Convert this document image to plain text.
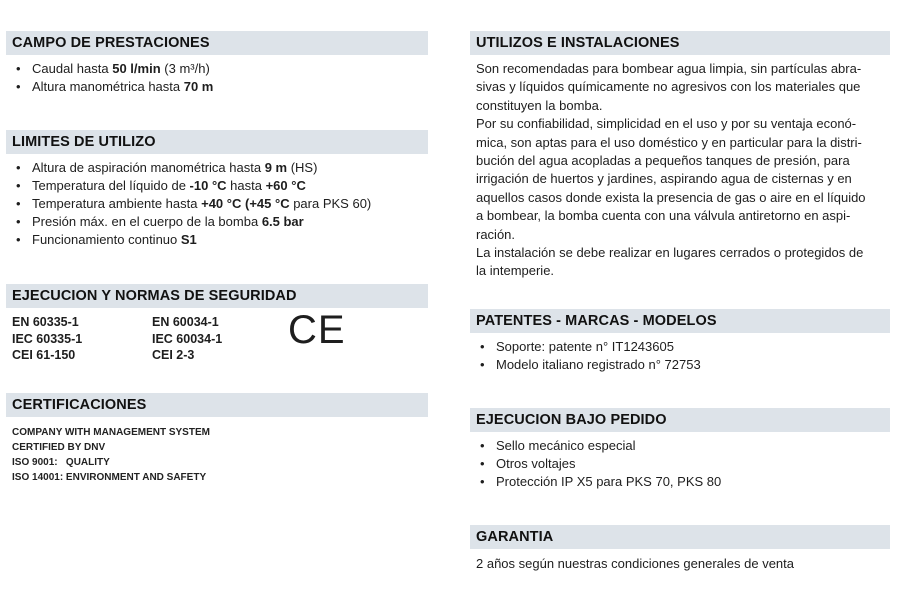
CAMPO DE PRESTACIONES
• Caudal hasta 50 l/min (3 m³/h)
• Altura manométrica hasta 70 m
LIMITES DE UTILIZO
• Altura de aspiración manométrica hasta 9 m (HS)
• Temperatura del líquido de -10 °C hasta +60 °C
• Temperatura ambiente hasta +40 °C (+45 °C para PKS 60)
• Presión máx. en el cuerpo de la bomba 6.5 bar
• Funcionamiento continuo S1
EJECUCION Y NORMAS DE SEGURIDAD
EN 60335-1
IEC 60335-1
CEI 61-150
EN 60034-1
IEC 60034-1
CEI 2-3
CE
CERTIFICACIONES
COMPANY WITH MANAGEMENT SYSTEM
CERTIFIED BY DNV
ISO 9001:   QUALITY
ISO 14001: ENVIRONMENT AND SAFETY
UTILIZOS E INSTALACIONES
Son recomendadas para bombear agua limpia, sin partículas abra-
sivas y líquidos químicamente no agresivos con los materiales que
constituyen la bomba.
Por su confiabilidad, simplicidad en el uso y por su ventaja econó-
mica, son aptas para el uso doméstico y en particular para la distri-
bución del agua acopladas a pequeños tanques de presión, para
irrigación de huertos y jardines, aspirando agua de cisternas y en
aquellos casos donde exista la presencia de gas o aire en el líquido
a bombear, la bomba cuenta con una válvula antiretorno en aspi-
ración.
La instalación se debe realizar en lugares cerrados o protegidos de
la intemperie.
PATENTES - MARCAS - MODELOS
• Soporte: patente n° IT1243605
• Modelo italiano registrado n° 72753
EJECUCION BAJO PEDIDO
• Sello mecánico especial
• Otros voltajes
• Protección IP X5 para PKS 70, PKS 80
GARANTIA
2 años según nuestras condiciones generales de venta
